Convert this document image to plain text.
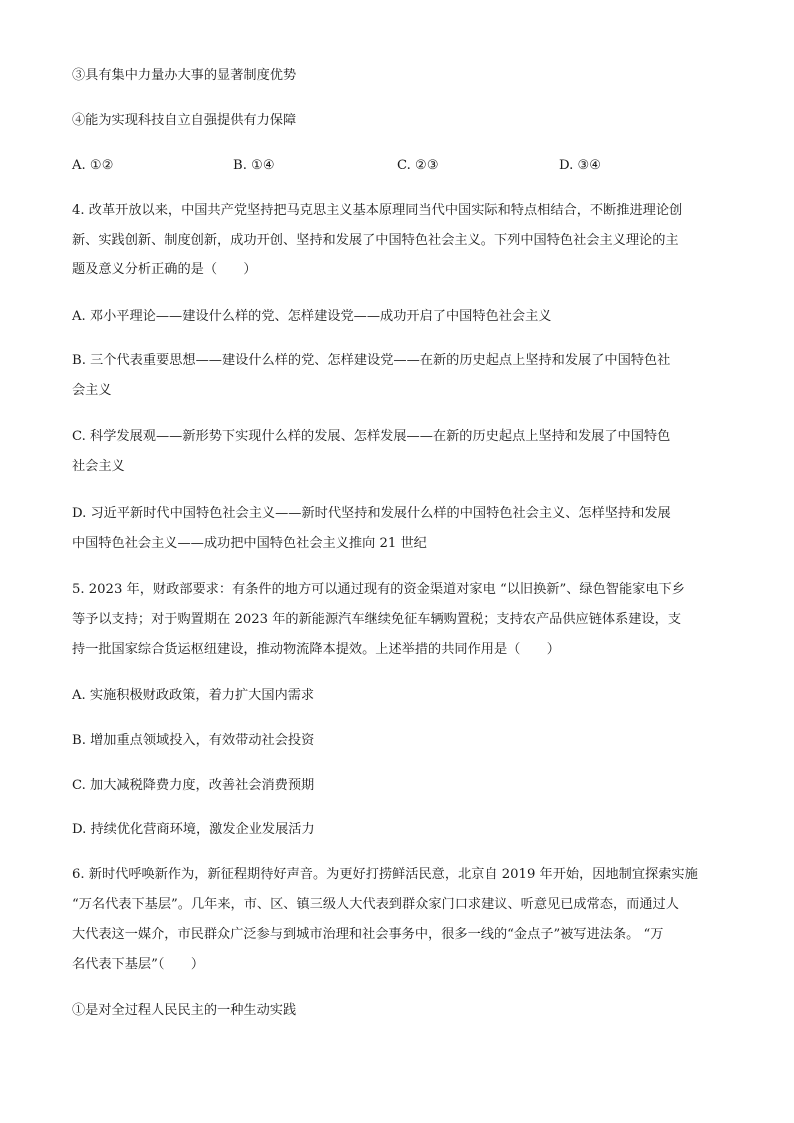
③具有集中力量办大事的显著制度优势
④能为实现科技自立自强提供有力保障
A. ①②	B. ①④	C. ②③	D. ③④
4. 改革开放以来，中国共产党坚持把马克思主义基本原理同当代中国实际和特点相结合，不断推进理论创
新、实践创新、制度创新，成功开创、坚持和发展了中国特色社会主义。下列中国特色社会主义理论的主
题及意义分析正确的是（　　）
A. 邓小平理论——建设什么样的党、怎样建设党——成功开启了中国特色社会主义
B. 三个代表重要思想——建设什么样的党、怎样建设党——在新的历史起点上坚持和发展了中国特色社
会主义
C. 科学发展观——新形势下实现什么样的发展、怎样发展——在新的历史起点上坚持和发展了中国特色
社会主义
D. 习近平新时代中国特色社会主义——新时代坚持和发展什么样的中国特色社会主义、怎样坚持和发展
中国特色社会主义——成功把中国特色社会主义推向 21 世纪
5. 2023 年，财政部要求：有条件的地方可以通过现有的资金渠道对家电 “以旧换新”、绿色智能家电下乡
等予以支持；对于购置期在 2023 年的新能源汽车继续免征车辆购置税；支持农产品供应链体系建设，支
持一批国家综合货运枢纽建设，推动物流降本提效。上述举措的共同作用是（　　）
A. 实施积极财政政策，着力扩大国内需求
B. 增加重点领域投入，有效带动社会投资
C. 加大减税降费力度，改善社会消费预期
D. 持续优化营商环境，激发企业发展活力
6. 新时代呼唤新作为，新征程期待好声音。为更好打捞鲜活民意，北京自 2019 年开始，因地制宜探索实施
“万名代表下基层”。几年来，市、区、镇三级人大代表到群众家门口求建议、听意见已成常态，而通过人
大代表这一媒介，市民群众广泛参与到城市治理和社会事务中，很多一线的“金点子”被写进法条。 “万
名代表下基层”（　　）
①是对全过程人民民主的一种生动实践
